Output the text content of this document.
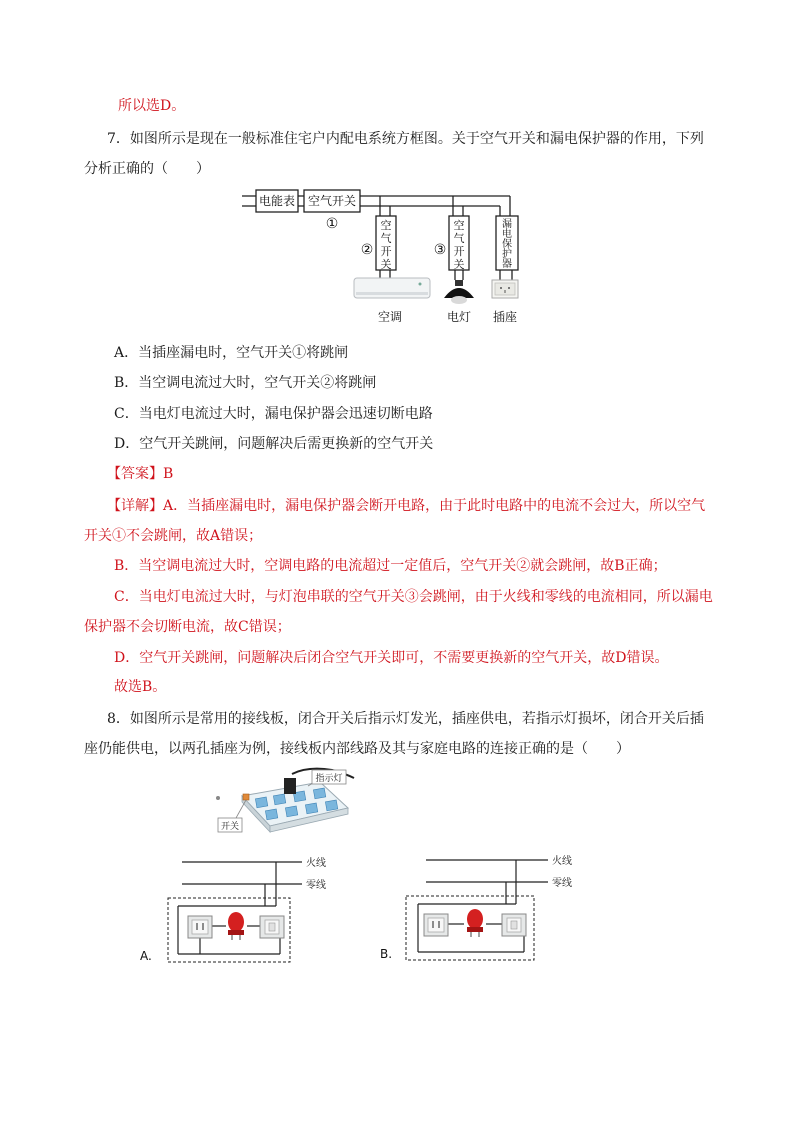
所以选D。
7．如图所示是现在一般标准住宅户内配电系统方框图。关于空气开关和漏电保护器的作用，下列
分析正确的（　　）
电能表 空气开关
①
②	③
空
气
开
关
空
气
开
关
漏
电
保
护
器
空调	电灯 插座
A．当插座漏电时，空气开关①将跳闸
B．当空调电流过大时，空气开关②将跳闸
C．当电灯电流过大时，漏电保护器会迅速切断电路
D．空气开关跳闸，问题解决后需更换新的空气开关
【答案】B
【详解】A．当插座漏电时，漏电保护器会断开电路，由于此时电路中的电流不会过大，所以空气
开关①不会跳闸，故A错误；
B．当空调电流过大时，空调电路的电流超过一定值后，空气开关②就会跳闸，故B正确；
C．当电灯电流过大时，与灯泡串联的空气开关③会跳闸，由于火线和零线的电流相同，所以漏电
保护器不会切断电流，故C错误；
D．空气开关跳闸，问题解决后闭合空气开关即可，不需要更换新的空气开关，故D错误。
故选B。
8．如图所示是常用的接线板，闭合开关后指示灯发光，插座供电，若指示灯损坏，闭合开关后插
座仍能供电，以两孔插座为例，接线板内部线路及其与家庭电路的连接正确的是（　　）
开关
指示灯
火线
零线
A.
火线
零线
B.
